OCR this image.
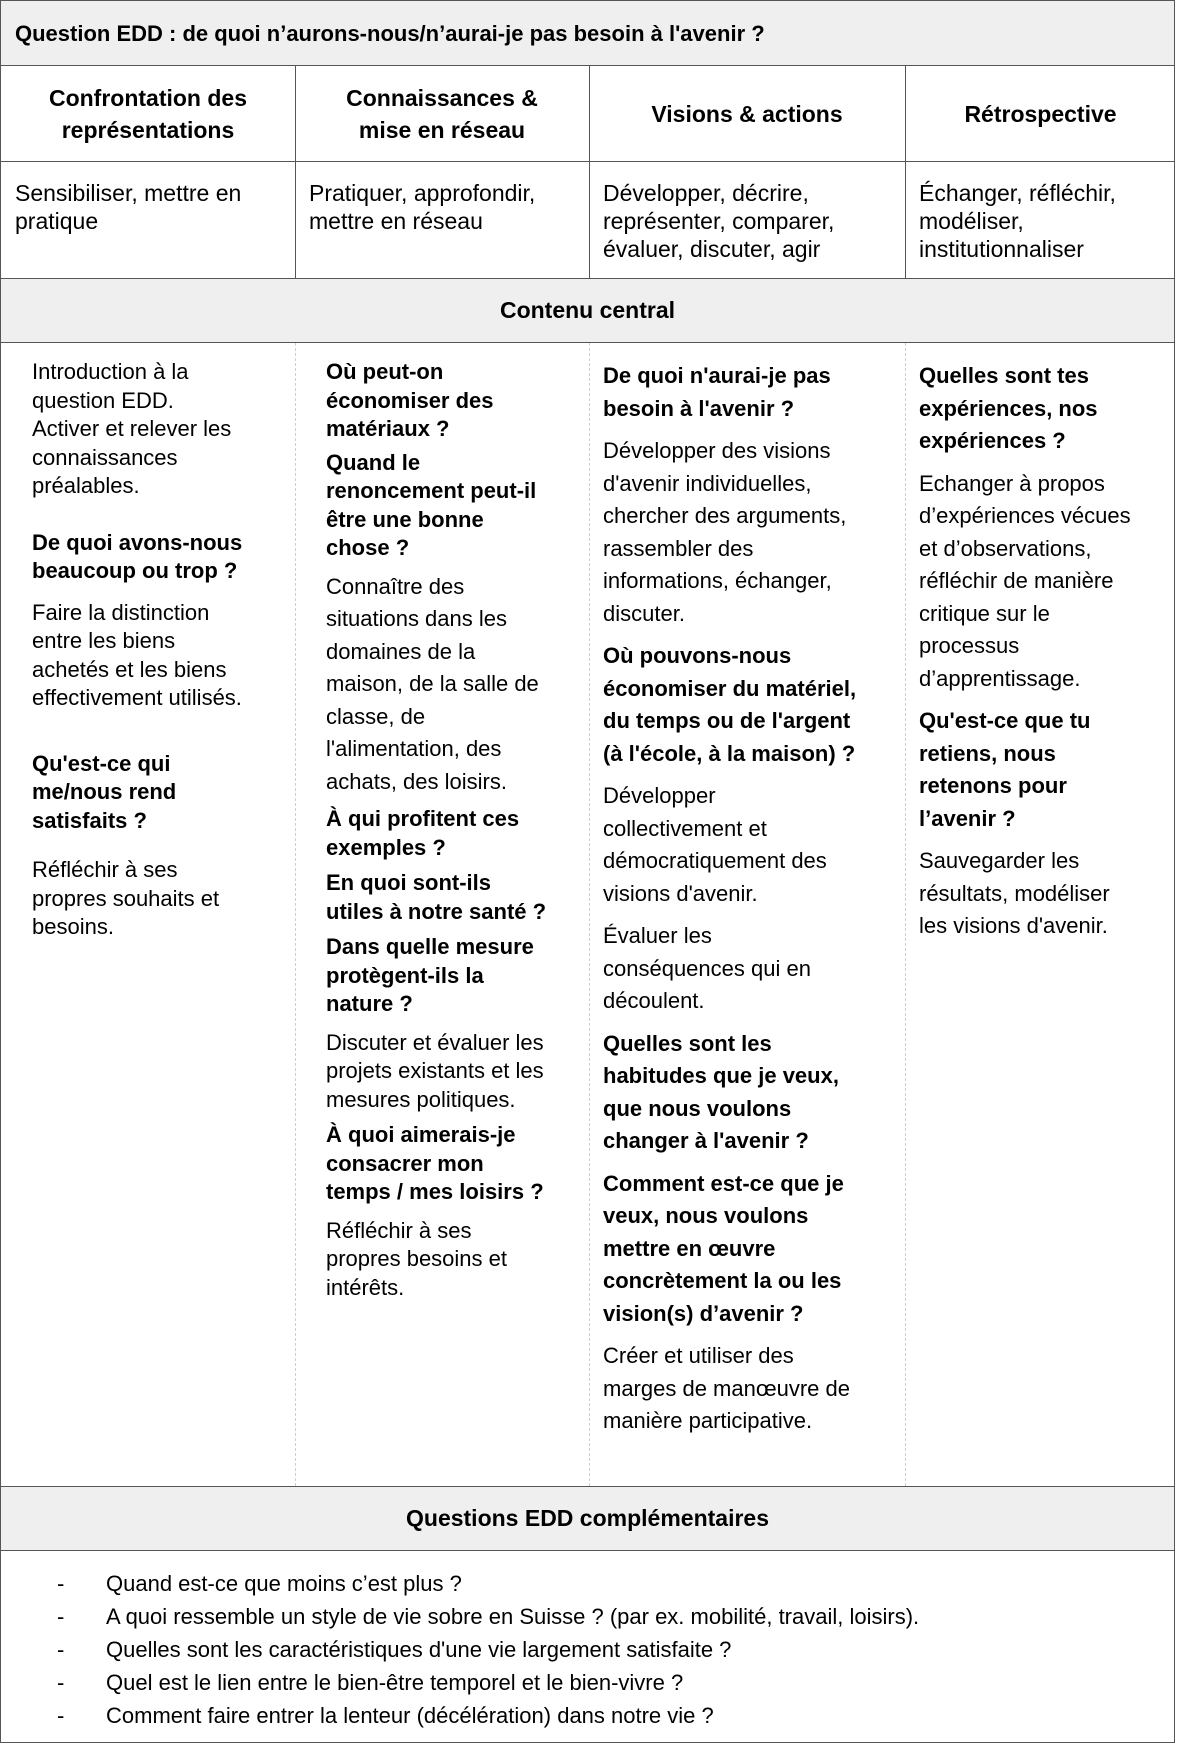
Question EDD : de quoi n’aurons-nous/n’aurai-je pas besoin à l'avenir ?
Confrontation des
représentations
Connaissances &
mise en réseau
Visions & actions	Rétrospective
Sensibiliser, mettre en
pratique
Pratiquer, approfondir,
mettre en réseau
Développer, décrire,
représenter, comparer,
évaluer, discuter, agir
Échanger, réfléchir,
modéliser,
institutionnaliser
Contenu central
Introduction à la
question EDD.
Activer et relever les
connaissances
préalables.
De quoi avons-nous
beaucoup ou trop ?
Faire la distinction
entre les biens
achetés et les biens
effectivement utilisés.
Qu'est-ce qui
me/nous rend
satisfaits ?
Réfléchir à ses
propres souhaits et
besoins.
Où peut-on
économiser des
matériaux ?
Quand le
renoncement peut-il
être une bonne
chose ?
Connaître des
situations dans les
domaines de la
maison, de la salle de
classe, de
l'alimentation, des
achats, des loisirs.
À qui profitent ces
exemples ?
En quoi sont-ils
utiles à notre santé ?
Dans quelle mesure
protègent-ils la
nature ?
Discuter et évaluer les
projets existants et les
mesures politiques.
À quoi aimerais-je
consacrer mon
temps / mes loisirs ?
Réfléchir à ses
propres besoins et
intérêts.
De quoi n'aurai-je pas
besoin à l'avenir ?
Développer des visions
d'avenir individuelles,
chercher des arguments,
rassembler des
informations, échanger,
discuter.
Où pouvons-nous
économiser du matériel,
du temps ou de l'argent
(à l'école, à la maison) ?
Développer
collectivement et
démocratiquement des
visions d'avenir.
Évaluer les
conséquences qui en
découlent.
Quelles sont les
habitudes que je veux,
que nous voulons
changer à l'avenir ?
Comment est-ce que je
veux, nous voulons
mettre en œuvre
concrètement la ou les
vision(s) d’avenir ?
Créer et utiliser des
marges de manœuvre de
manière participative.
Quelles sont tes
expériences, nos
expériences ?
Echanger à propos
d’expériences vécues
et d’observations,
réfléchir de manière
critique sur le
processus
d’apprentissage.
Qu'est-ce que tu
retiens, nous
retenons pour
l’avenir ?
Sauvegarder les
résultats, modéliser
les visions d'avenir.
Questions EDD complémentaires
- Quand est-ce que moins c’est plus ?
- A quoi ressemble un style de vie sobre en Suisse ? (par ex. mobilité, travail, loisirs).
- Quelles sont les caractéristiques d'une vie largement satisfaite ?
- Quel est le lien entre le bien-être temporel et le bien-vivre ?
- Comment faire entrer la lenteur (décélération) dans notre vie ?
